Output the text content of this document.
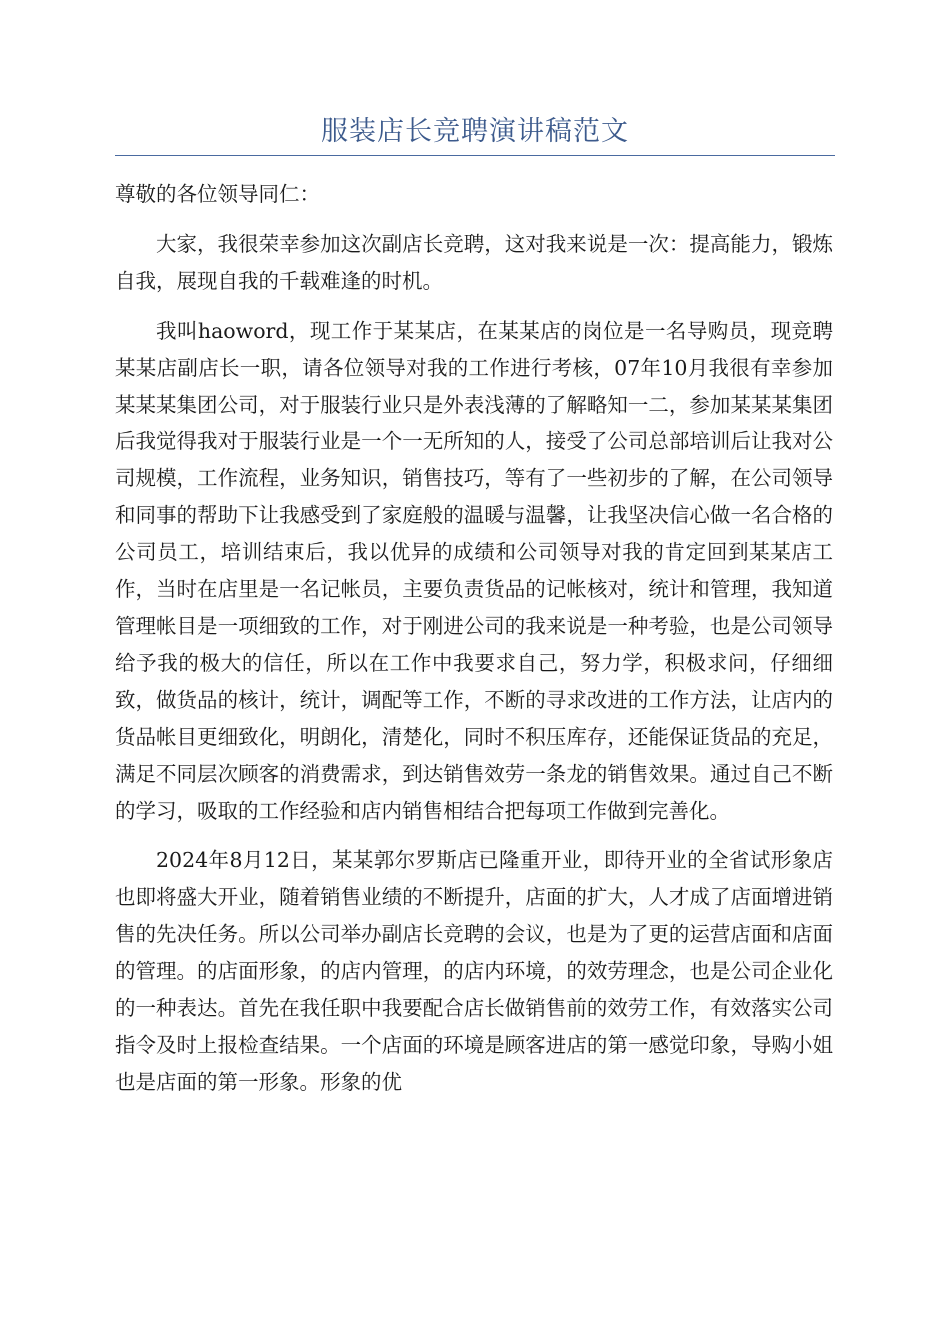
服装店长竞聘演讲稿范文

尊敬的各位领导同仁：

大家，我很荣幸参加这次副店长竞聘，这对我来说是一次：提高能力，锻炼自我，展现自我的千载难逢的时机。

我叫haoword，现工作于某某店，在某某店的岗位是一名导购员，现竞聘某某店副店长一职，请各位领导对我的工作进行考核，07年10月我很有幸参加某某某集团公司，对于服装行业只是外表浅薄的了解略知一二，参加某某某集团后我觉得我对于服装行业是一个一无所知的人，接受了公司总部培训后让我对公司规模，工作流程，业务知识，销售技巧，等有了一些初步的了解，在公司领导和同事的帮助下让我感受到了家庭般的温暖与温馨，让我坚决信心做一名合格的公司员工，培训结束后，我以优异的成绩和公司领导对我的肯定回到某某店工作，当时在店里是一名记帐员，主要负责货品的记帐核对，统计和管理，我知道管理帐目是一项细致的工作，对于刚进公司的我来说是一种考验，也是公司领导给予我的极大的信任，所以在工作中我要求自己，努力学，积极求问，仔细细致，做货品的核计，统计，调配等工作，不断的寻求改进的工作方法，让店内的货品帐目更细致化，明朗化，清楚化，同时不积压库存，还能保证货品的充足，满足不同层次顾客的消费需求，到达销售效劳一条龙的销售效果。通过自己不断的学习，吸取的工作经验和店内销售相结合把每项工作做到完善化。

2024年8月12日，某某郭尔罗斯店已隆重开业，即待开业的全省试形象店也即将盛大开业，随着销售业绩的不断提升，店面的扩大，人才成了店面增进销售的先决任务。所以公司举办副店长竞聘的会议，也是为了更的运营店面和店面的管理。的店面形象，的店内管理，的店内环境，的效劳理念，也是公司企业化的一种表达。首先在我任职中我要配合店长做销售前的效劳工作，有效落实公司指令及时上报检查结果。一个店面的环境是顾客进店的第一感觉印象，导购小姐也是店面的第一形象。形象的优
